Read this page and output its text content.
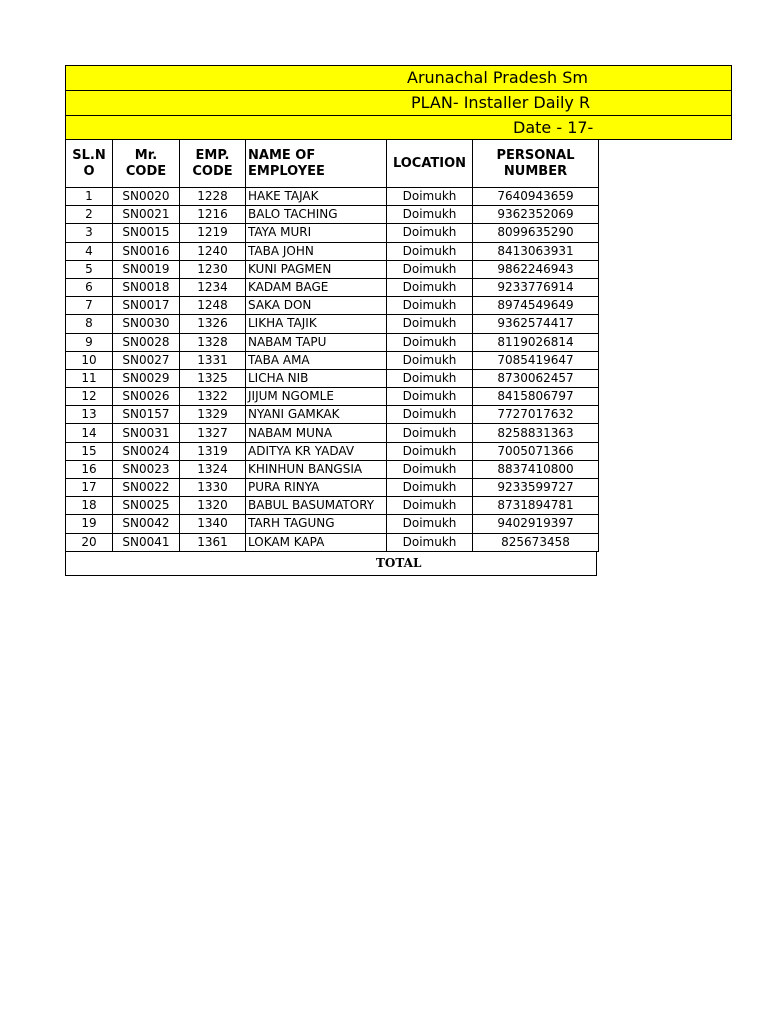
Arunachal Pradesh Sm
PLAN- Installer Daily R
Date - 17-
SL.N O	Mr. CODE	EMP. CODE	NAME OF EMPLOYEE	LOCATION	PERSONAL NUMBER
1	SN0020	1228	HAKE TAJAK	Doimukh	7640943659
2	SN0021	1216	BALO TACHING	Doimukh	9362352069
3	SN0015	1219	TAYA MURI	Doimukh	8099635290
4	SN0016	1240	TABA JOHN	Doimukh	8413063931
5	SN0019	1230	KUNI PAGMEN	Doimukh	9862246943
6	SN0018	1234	KADAM BAGE	Doimukh	9233776914
7	SN0017	1248	SAKA DON	Doimukh	8974549649
8	SN0030	1326	LIKHA TAJIK	Doimukh	9362574417
9	SN0028	1328	NABAM TAPU	Doimukh	8119026814
10	SN0027	1331	TABA AMA	Doimukh	7085419647
11	SN0029	1325	LICHA NIB	Doimukh	8730062457
12	SN0026	1322	JIJUM NGOMLE	Doimukh	8415806797
13	SN0157	1329	NYANI GAMKAK	Doimukh	7727017632
14	SN0031	1327	NABAM MUNA	Doimukh	8258831363
15	SN0024	1319	ADITYA KR YADAV	Doimukh	7005071366
16	SN0023	1324	KHINHUN BANGSIA	Doimukh	8837410800
17	SN0022	1330	PURA RINYA	Doimukh	9233599727
18	SN0025	1320	BABUL BASUMATORY	Doimukh	8731894781
19	SN0042	1340	TARH TAGUNG	Doimukh	9402919397
20	SN0041	1361	LOKAM KAPA	Doimukh	825673458
TOTAL
